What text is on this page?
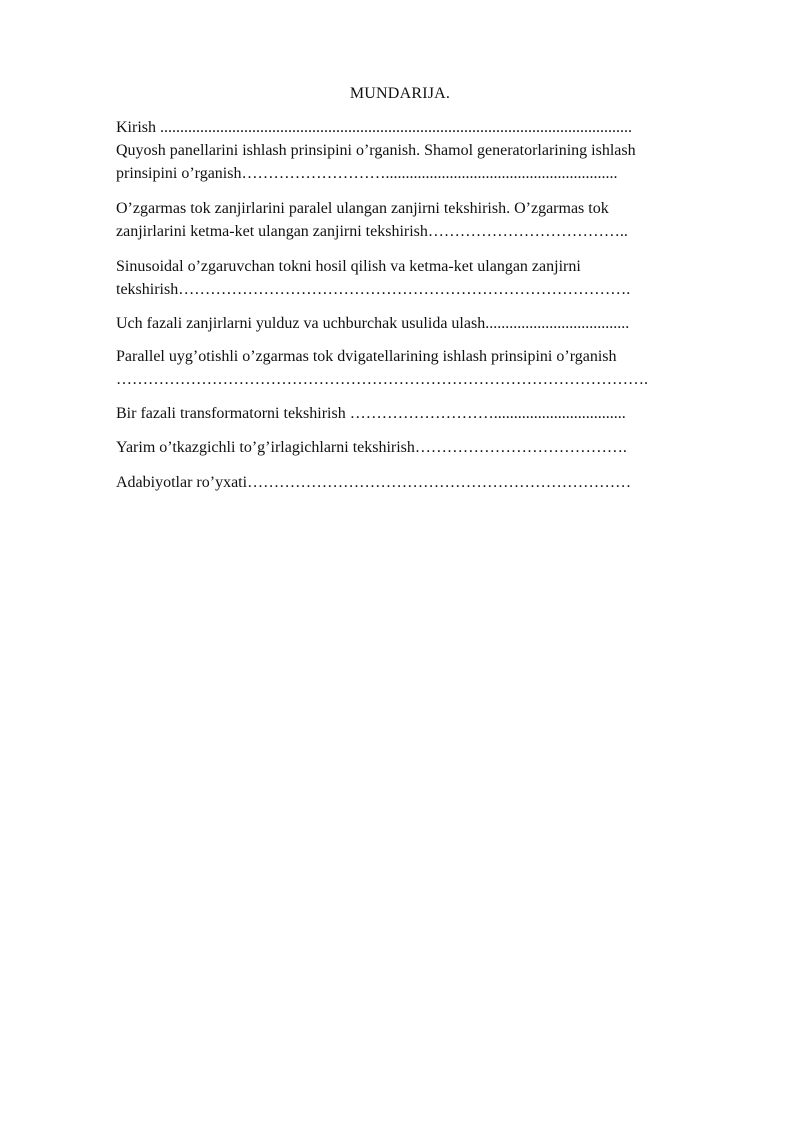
MUNDARIJA.
Kirish ......................................................................................................................
Quyosh panellarini ishlash prinsipini o’rganish. Shamol generatorlarining ishlash
prinsipini o’rganish………………………..........................................................
O’zgarmas tok zanjirlarini paralel ulangan zanjirni tekshirish. O’zgarmas tok
zanjirlarini ketma-ket ulangan zanjirni tekshirish………………………………..
Sinusoidal o’zgaruvchan tokni hosil qilish va ketma-ket ulangan zanjirni
tekshirish………………………………………………………………………….
Uch fazali zanjirlarni yulduz va uchburchak usulida ulash....................................
Parallel uyg’otishli o’zgarmas tok dvigatellarining ishlash prinsipini o’rganish
……………………………………………………………………………………….
Bir fazali transformatorni tekshirish ……………………….................................
Yarim o’tkazgichli to’g’irlagichlarni tekshirish………………………………….
Adabiyotlar ro’yxati………………………………………………………………
